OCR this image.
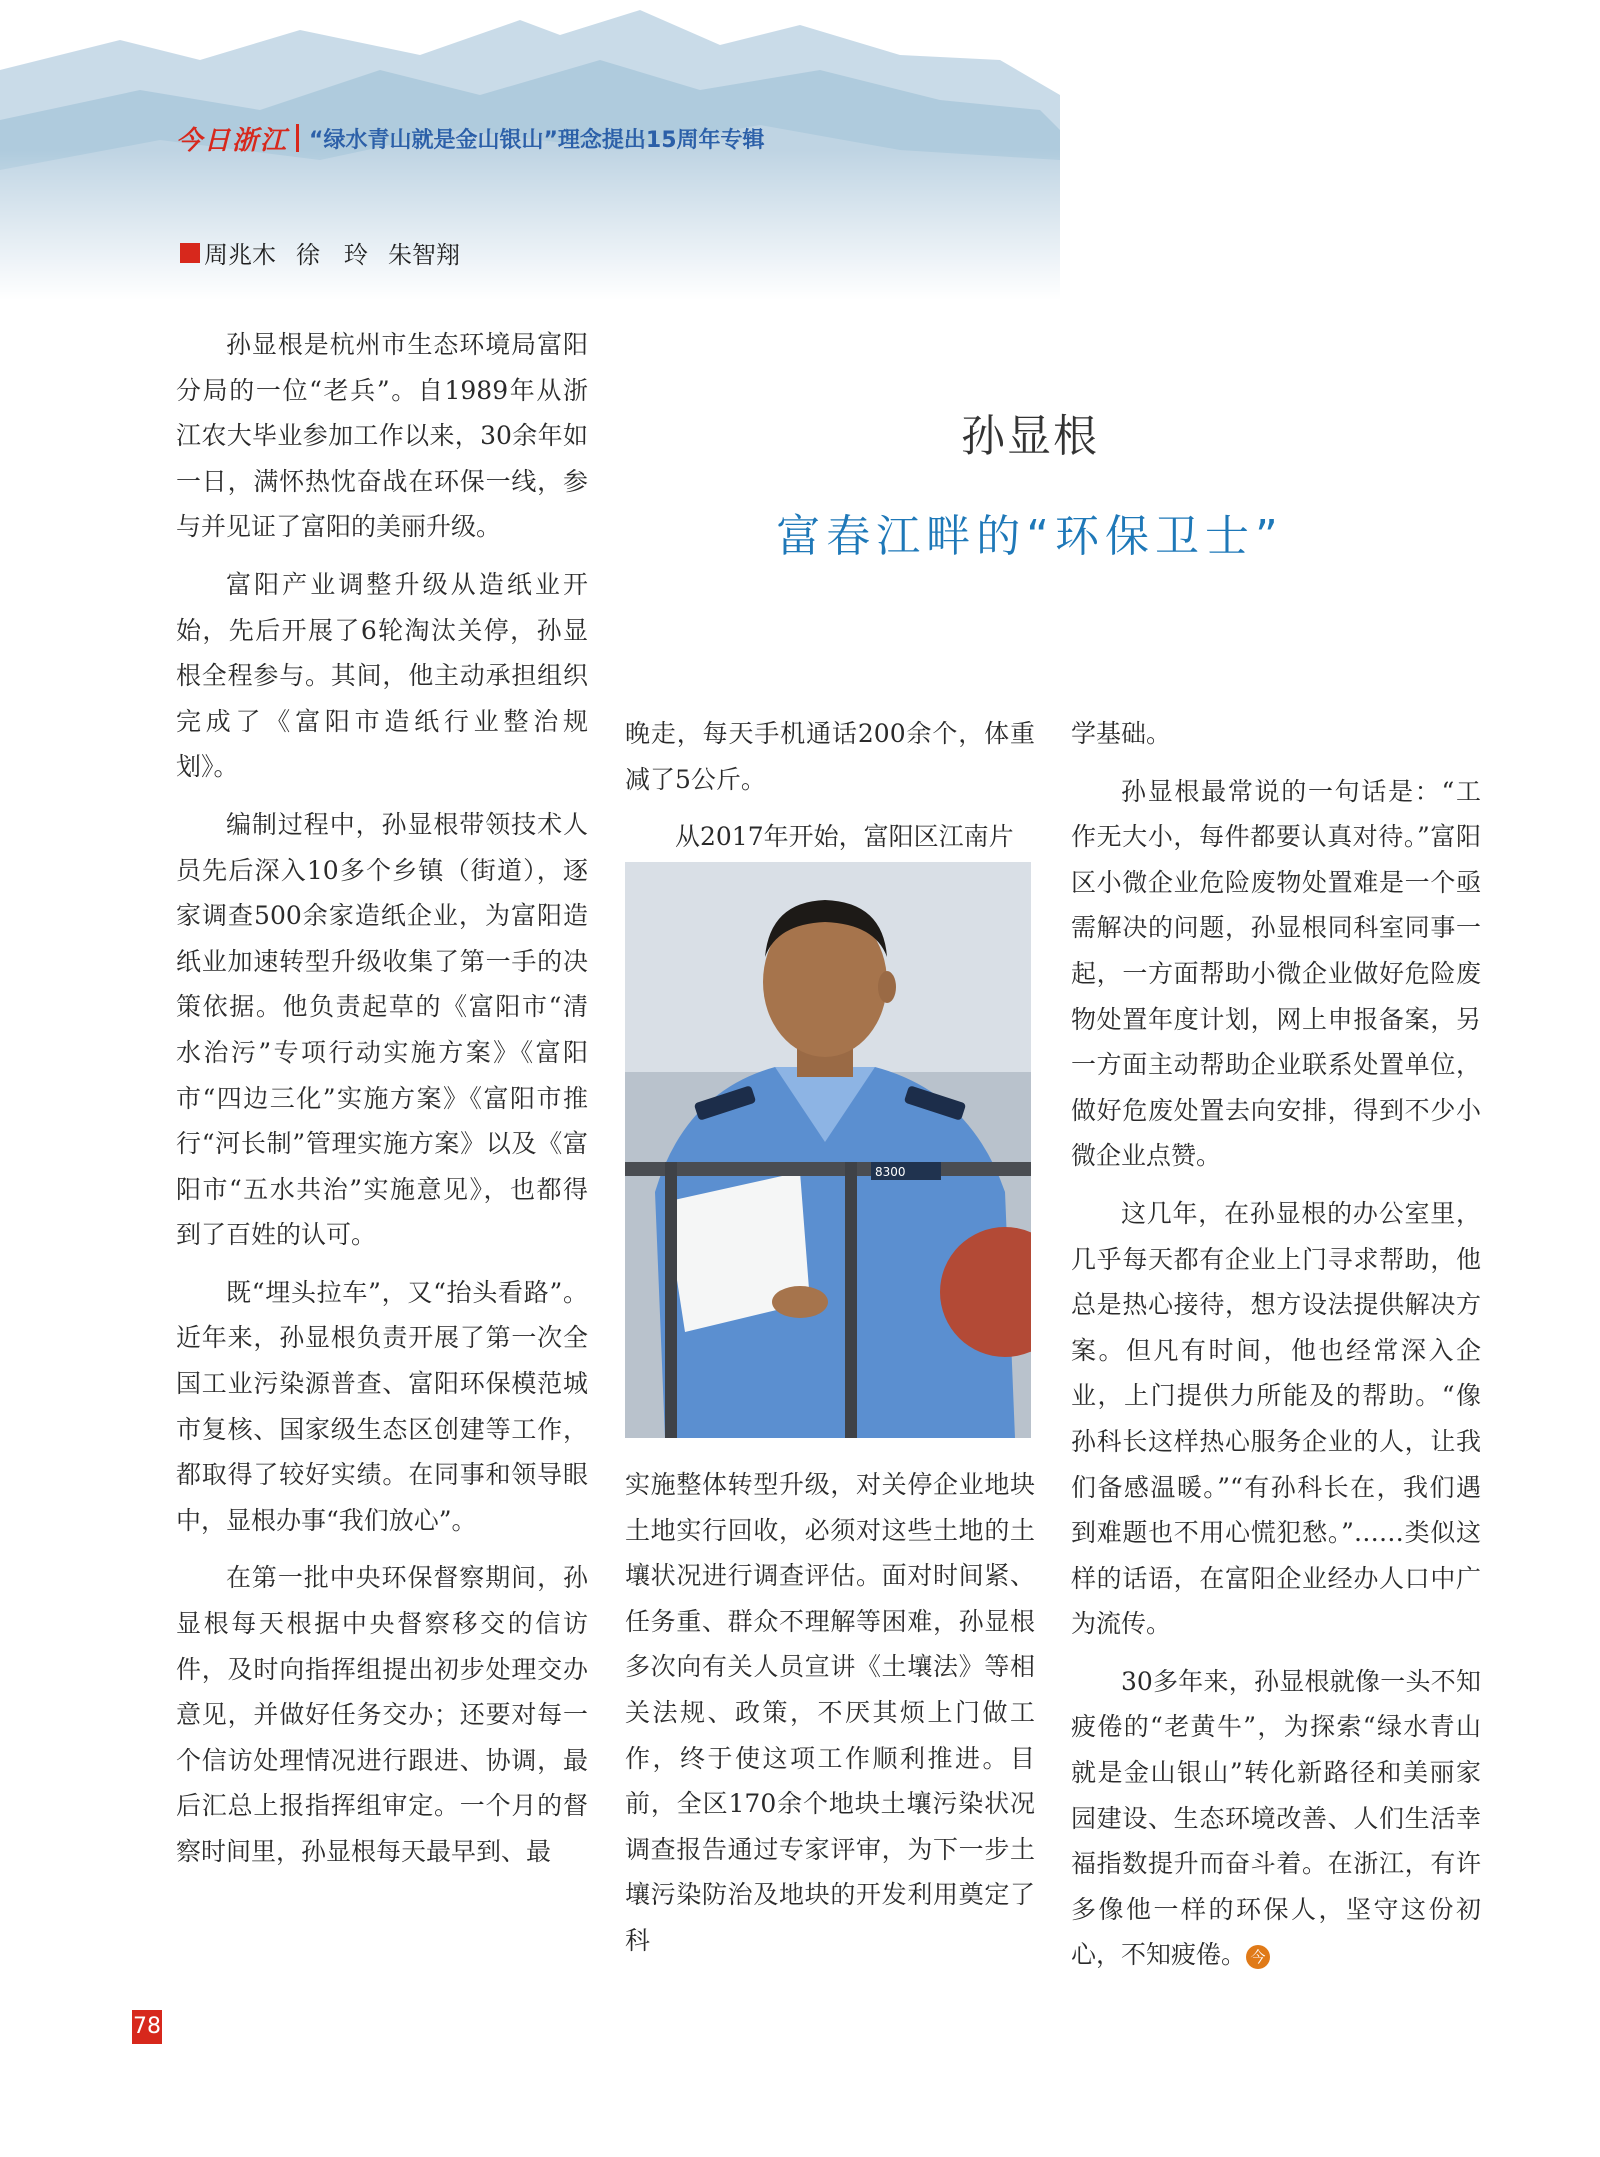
今日浙江 “绿水青山就是金山银山”理念提出15周年专辑
周兆木 徐　玲 朱智翔
孙显根
富春江畔的“环保卫士”

孙显根是杭州市生态环境局富阳分局的一位“老兵”。自1989年从浙江农大毕业参加工作以来，30余年如一日，满怀热忱奋战在环保一线，参与并见证了富阳的美丽升级。

富阳产业调整升级从造纸业开始，先后开展了6轮淘汰关停，孙显根全程参与。其间，他主动承担组织完成了《富阳市造纸行业整治规划》。

编制过程中，孙显根带领技术人员先后深入10多个乡镇（街道），逐家调查500余家造纸企业，为富阳造纸业加速转型升级收集了第一手的决策依据。他负责起草的《富阳市“清水治污”专项行动实施方案》《富阳市“四边三化”实施方案》《富阳市推行“河长制”管理实施方案》以及《富阳市“五水共治”实施意见》，也都得到了百姓的认可。

既“埋头拉车”，又“抬头看路”。近年来，孙显根负责开展了第一次全国工业污染源普查、富阳环保模范城市复核、国家级生态区创建等工作，都取得了较好实绩。在同事和领导眼中，显根办事“我们放心”。

在第一批中央环保督察期间，孙显根每天根据中央督察移交的信访件，及时向指挥组提出初步处理交办意见，并做好任务交办；还要对每一个信访处理情况进行跟进、协调，最后汇总上报指挥组审定。一个月的督察时间里，孙显根每天最早到、最

晚走，每天手机通话200余个，体重减了5公斤。

从2017年开始，富阳区江南片

8300

实施整体转型升级，对关停企业地块土地实行回收，必须对这些土地的土壤状况进行调查评估。面对时间紧、任务重、群众不理解等困难，孙显根多次向有关人员宣讲《土壤法》等相关法规、政策，不厌其烦上门做工作，终于使这项工作顺利推进。目前，全区170余个地块土壤污染状况调查报告通过专家评审，为下一步土壤污染防治及地块的开发利用奠定了科

学基础。

孙显根最常说的一句话是：“工作无大小，每件都要认真对待。”富阳区小微企业危险废物处置难是一个亟需解决的问题，孙显根同科室同事一起，一方面帮助小微企业做好危险废物处置年度计划，网上申报备案，另一方面主动帮助企业联系处置单位，做好危废处置去向安排，得到不少小微企业点赞。

这几年，在孙显根的办公室里，几乎每天都有企业上门寻求帮助，他总是热心接待，想方设法提供解决方案。但凡有时间，他也经常深入企业，上门提供力所能及的帮助。“像孙科长这样热心服务企业的人，让我们备感温暖。”“有孙科长在，我们遇到难题也不用心慌犯愁。”……类似这样的话语，在富阳企业经办人口中广为流传。

30多年来，孙显根就像一头不知疲倦的“老黄牛”，为探索“绿水青山就是金山银山”转化新路径和美丽家园建设、生态环境改善、人们生活幸福指数提升而奋斗着。在浙江，有许多像他一样的环保人，坚守这份初心，不知疲倦。 今

78
